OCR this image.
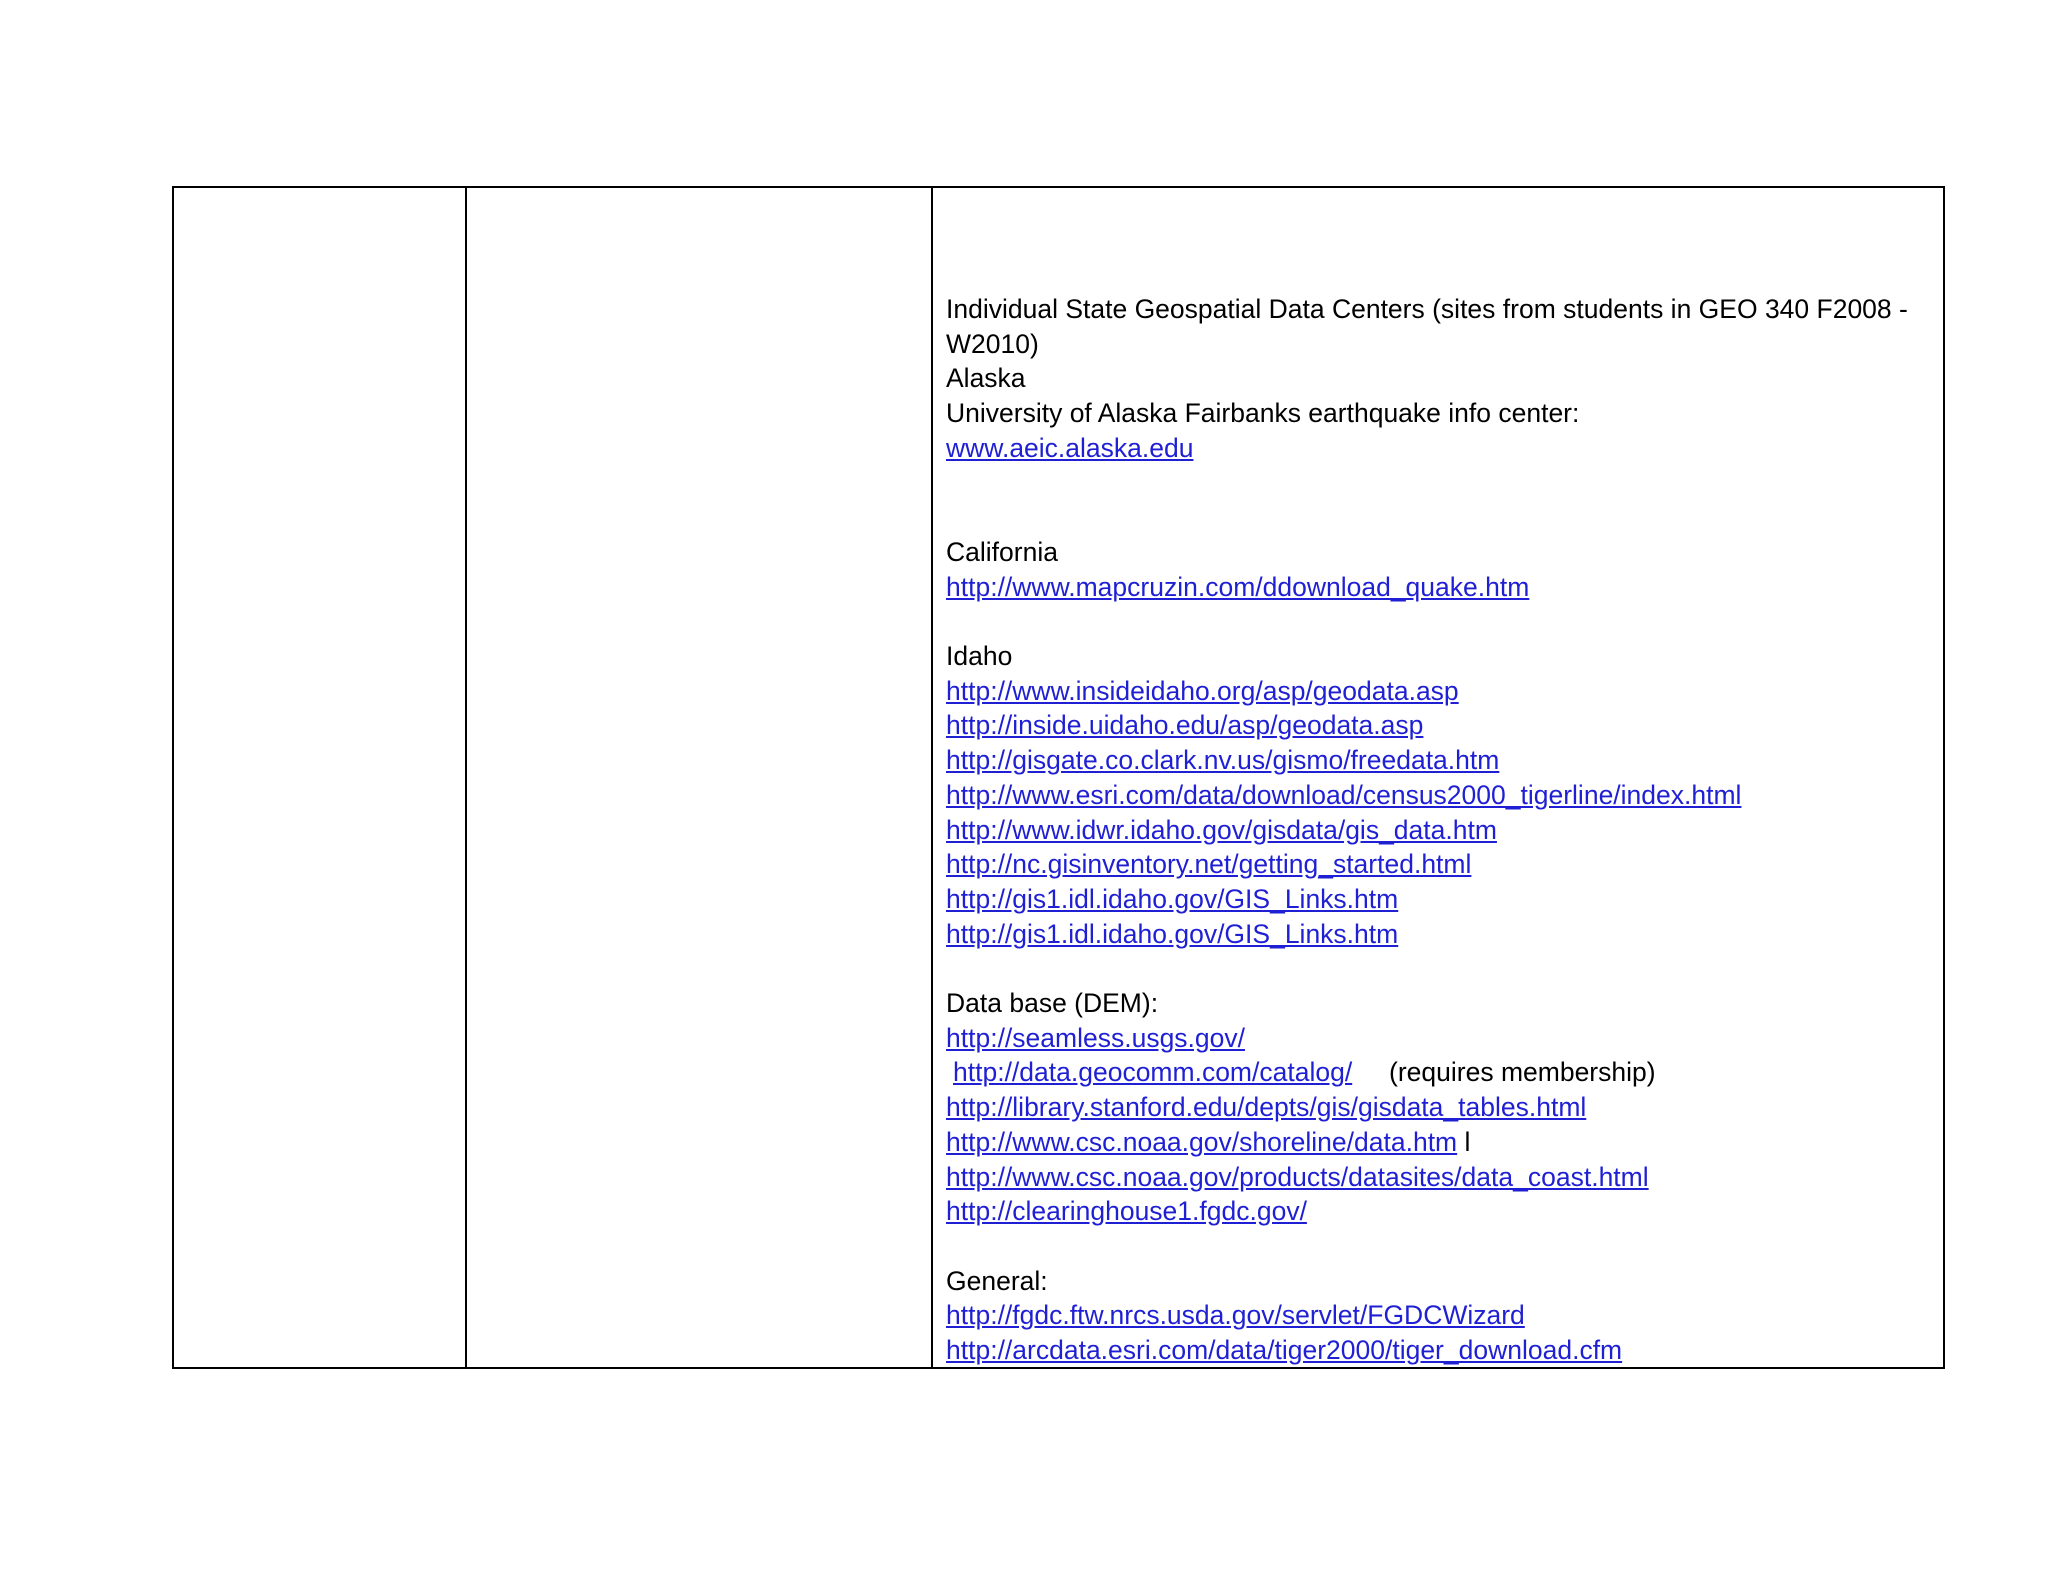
Individual State Geospatial Data Centers (sites from students in GEO 340 F2008 -
W2010)
Alaska
University of Alaska Fairbanks earthquake info center:
www.aeic.alaska.edu
California
http://www.mapcruzin.com/ddownload_quake.htm
Idaho
http://www.insideidaho.org/asp/geodata.asp
http://inside.uidaho.edu/asp/geodata.asp
http://gisgate.co.clark.nv.us/gismo/freedata.htm
http://www.esri.com/data/download/census2000_tigerline/index.html
http://www.idwr.idaho.gov/gisdata/gis_data.htm
http://nc.gisinventory.net/getting_started.html
http://gis1.idl.idaho.gov/GIS_Links.htm
http://gis1.idl.idaho.gov/GIS_Links.htm
Data base (DEM):
http://seamless.usgs.gov/
http://data.geocomm.com/catalog/ (requires membership)
http://library.stanford.edu/depts/gis/gisdata_tables.html
http://www.csc.noaa.gov/shoreline/data.htm l
http://www.csc.noaa.gov/products/datasites/data_coast.html
http://clearinghouse1.fgdc.gov/
General:
http://fgdc.ftw.nrcs.usda.gov/servlet/FGDCWizard
http://arcdata.esri.com/data/tiger2000/tiger_download.cfm
